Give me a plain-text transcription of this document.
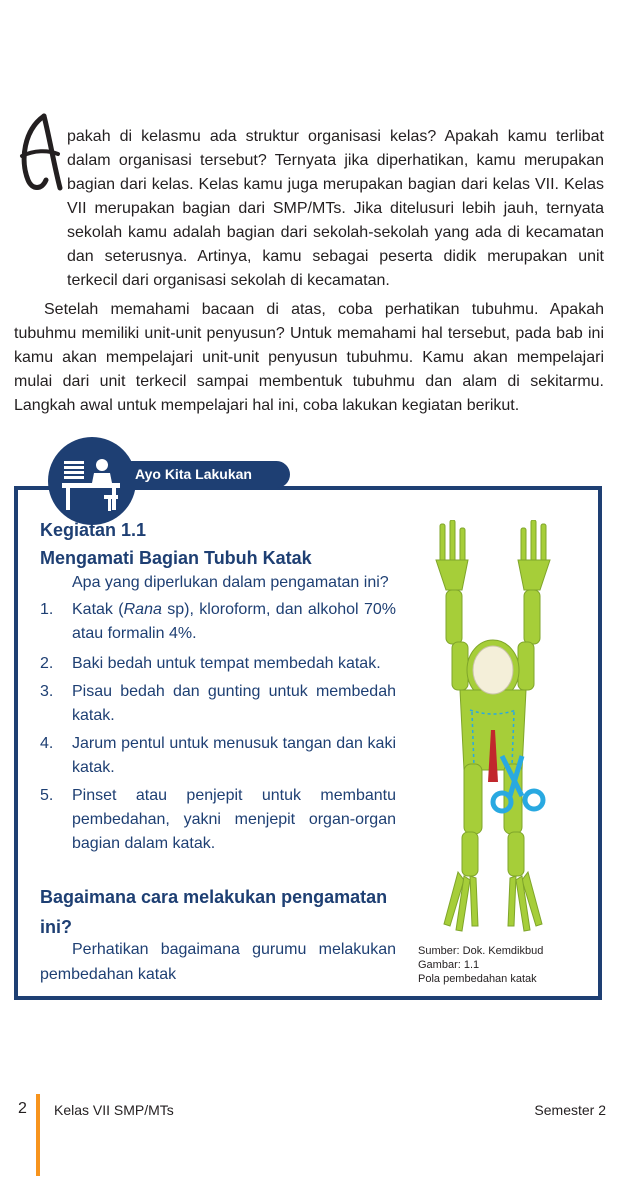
A

pakah di kelasmu ada struktur organisasi kelas? Apakah kamu terlibat dalam organisasi tersebut? Ternyata jika diperhatikan, kamu merupakan bagian dari kelas. Kelas kamu juga merupakan bagian dari kelas VII. Kelas VII merupakan bagian dari SMP/MTs. Jika ditelusuri lebih jauh, ternyata sekolah kamu adalah bagian dari sekolah-sekolah yang ada di kecamatan dan seterusnya. Artinya, kamu sebagai peserta didik merupakan unit terkecil dari organisasi sekolah di kecamatan.

Setelah memahami bacaan di atas, coba perhatikan tubuhmu. Apakah tubuhmu memiliki unit-unit penyusun? Untuk memahami hal tersebut, pada bab ini kamu akan mempelajari unit-unit penyusun tubuhmu. Kamu akan mempelajari mulai dari unit terkecil sampai membentuk tubuhmu dan alam di sekitarmu. Langkah awal untuk mempelajari hal ini, coba lakukan kegiatan berikut.

Ayo Kita Lakukan
Kegiatan 1.1
Mengamati Bagian Tubuh Katak
Apa yang diperlukan dalam pengamatan ini?
1. Katak (Rana sp), kloroform, dan alkohol 70% atau formalin 4%.
2. Baki bedah untuk tempat membedah katak.
3. Pisau bedah dan gunting untuk membedah katak.
4. Jarum pentul untuk menusuk tangan dan kaki katak.
5. Pinset atau penjepit untuk membantu pembedahan, yakni menjepit organ-organ bagian dalam katak.
Bagaimana cara melakukan pengamatan ini?
Perhatikan bagaimana gurumu melakukan pembedahan katak
Sumber: Dok. Kemdikbud
Gambar: 1.1
Pola pembedahan katak
2 Kelas VII SMP/MTs	Semester 2
